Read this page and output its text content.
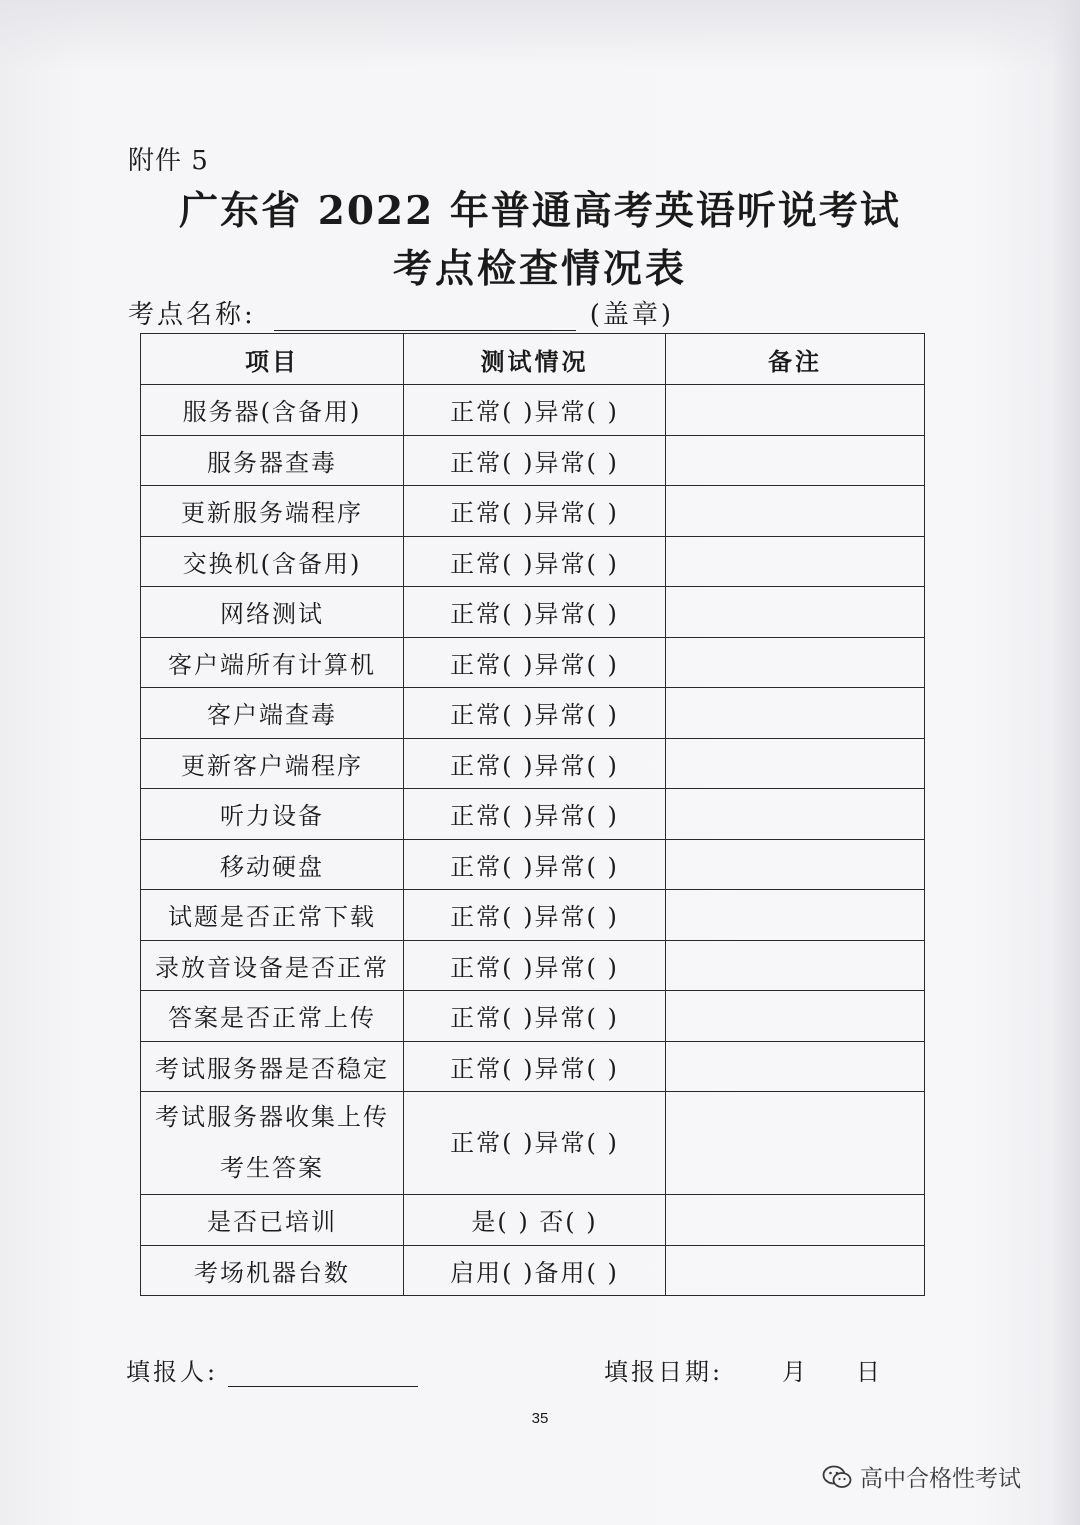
附件 5
广东省 2022 年普通高考英语听说考试
考点检查情况表
考点名称:	(盖章)
项目	测试情况	备注
服务器(含备用)	正常( )异常( )	
服务器查毒	正常( )异常( )	
更新服务端程序	正常( )异常( )	
交换机(含备用)	正常( )异常( )	
网络测试	正常( )异常( )	
客户端所有计算机	正常( )异常( )	
客户端查毒	正常( )异常( )	
更新客户端程序	正常( )异常( )	
听力设备	正常( )异常( )	
移动硬盘	正常( )异常( )	
试题是否正常下载	正常( )异常( )	
录放音设备是否正常	正常( )异常( )	
答案是否正常上传	正常( )异常( )	
考试服务器是否稳定	正常( )异常( )	

考试服务器收集上传
考生答案	正常( )异常( )	
是否已培训	是( ) 否( )	
考场机器台数	启用( )备用( )	
填报人:	填报日期: 月 日
35
高中合格性考试
